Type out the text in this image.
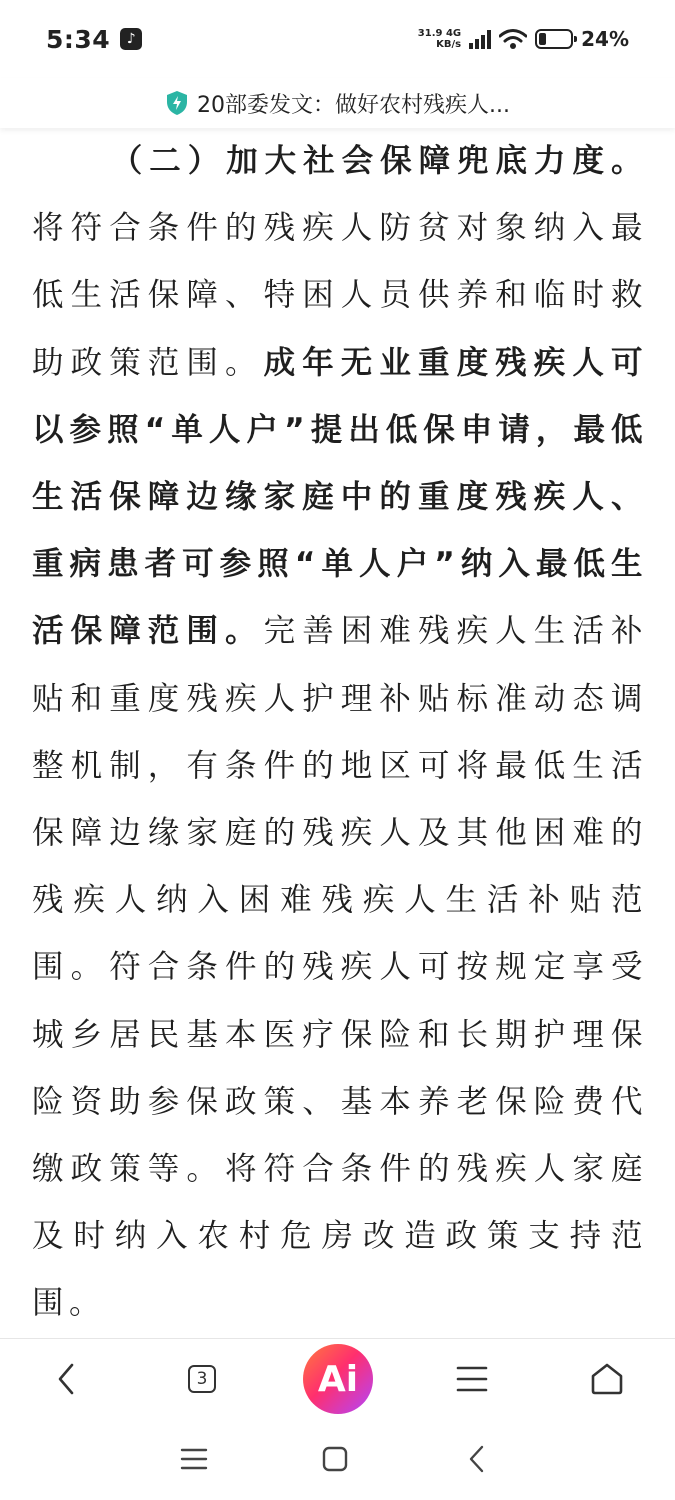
5:34	♪	31.9 4G
KB/s	24%
20部委发文：做好农村残疾人...

（二）加大社会保障兜底力度。将符合条件的残疾人防贫对象纳入最低生活保障、特困人员供养和临时救助政策范围。成年无业重度残疾人可以参照“单人户”提出低保申请，最低生活保障边缘家庭中的重度残疾人、重病患者可参照“单人户”纳入最低生活保障范围。完善困难残疾人生活补贴和重度残疾人护理补贴标准动态调整机制，有条件的地区可将最低生活保障边缘家庭的残疾人及其他困难的残疾人纳入困难残疾人生活补贴范围。符合条件的残疾人可按规定享受城乡居民基本医疗保险和长期护理保险资助参保政策、基本养老保险费代缴政策等。将符合条件的残疾人家庭及时纳入农村危房改造政策支持范围。

3	Ai
